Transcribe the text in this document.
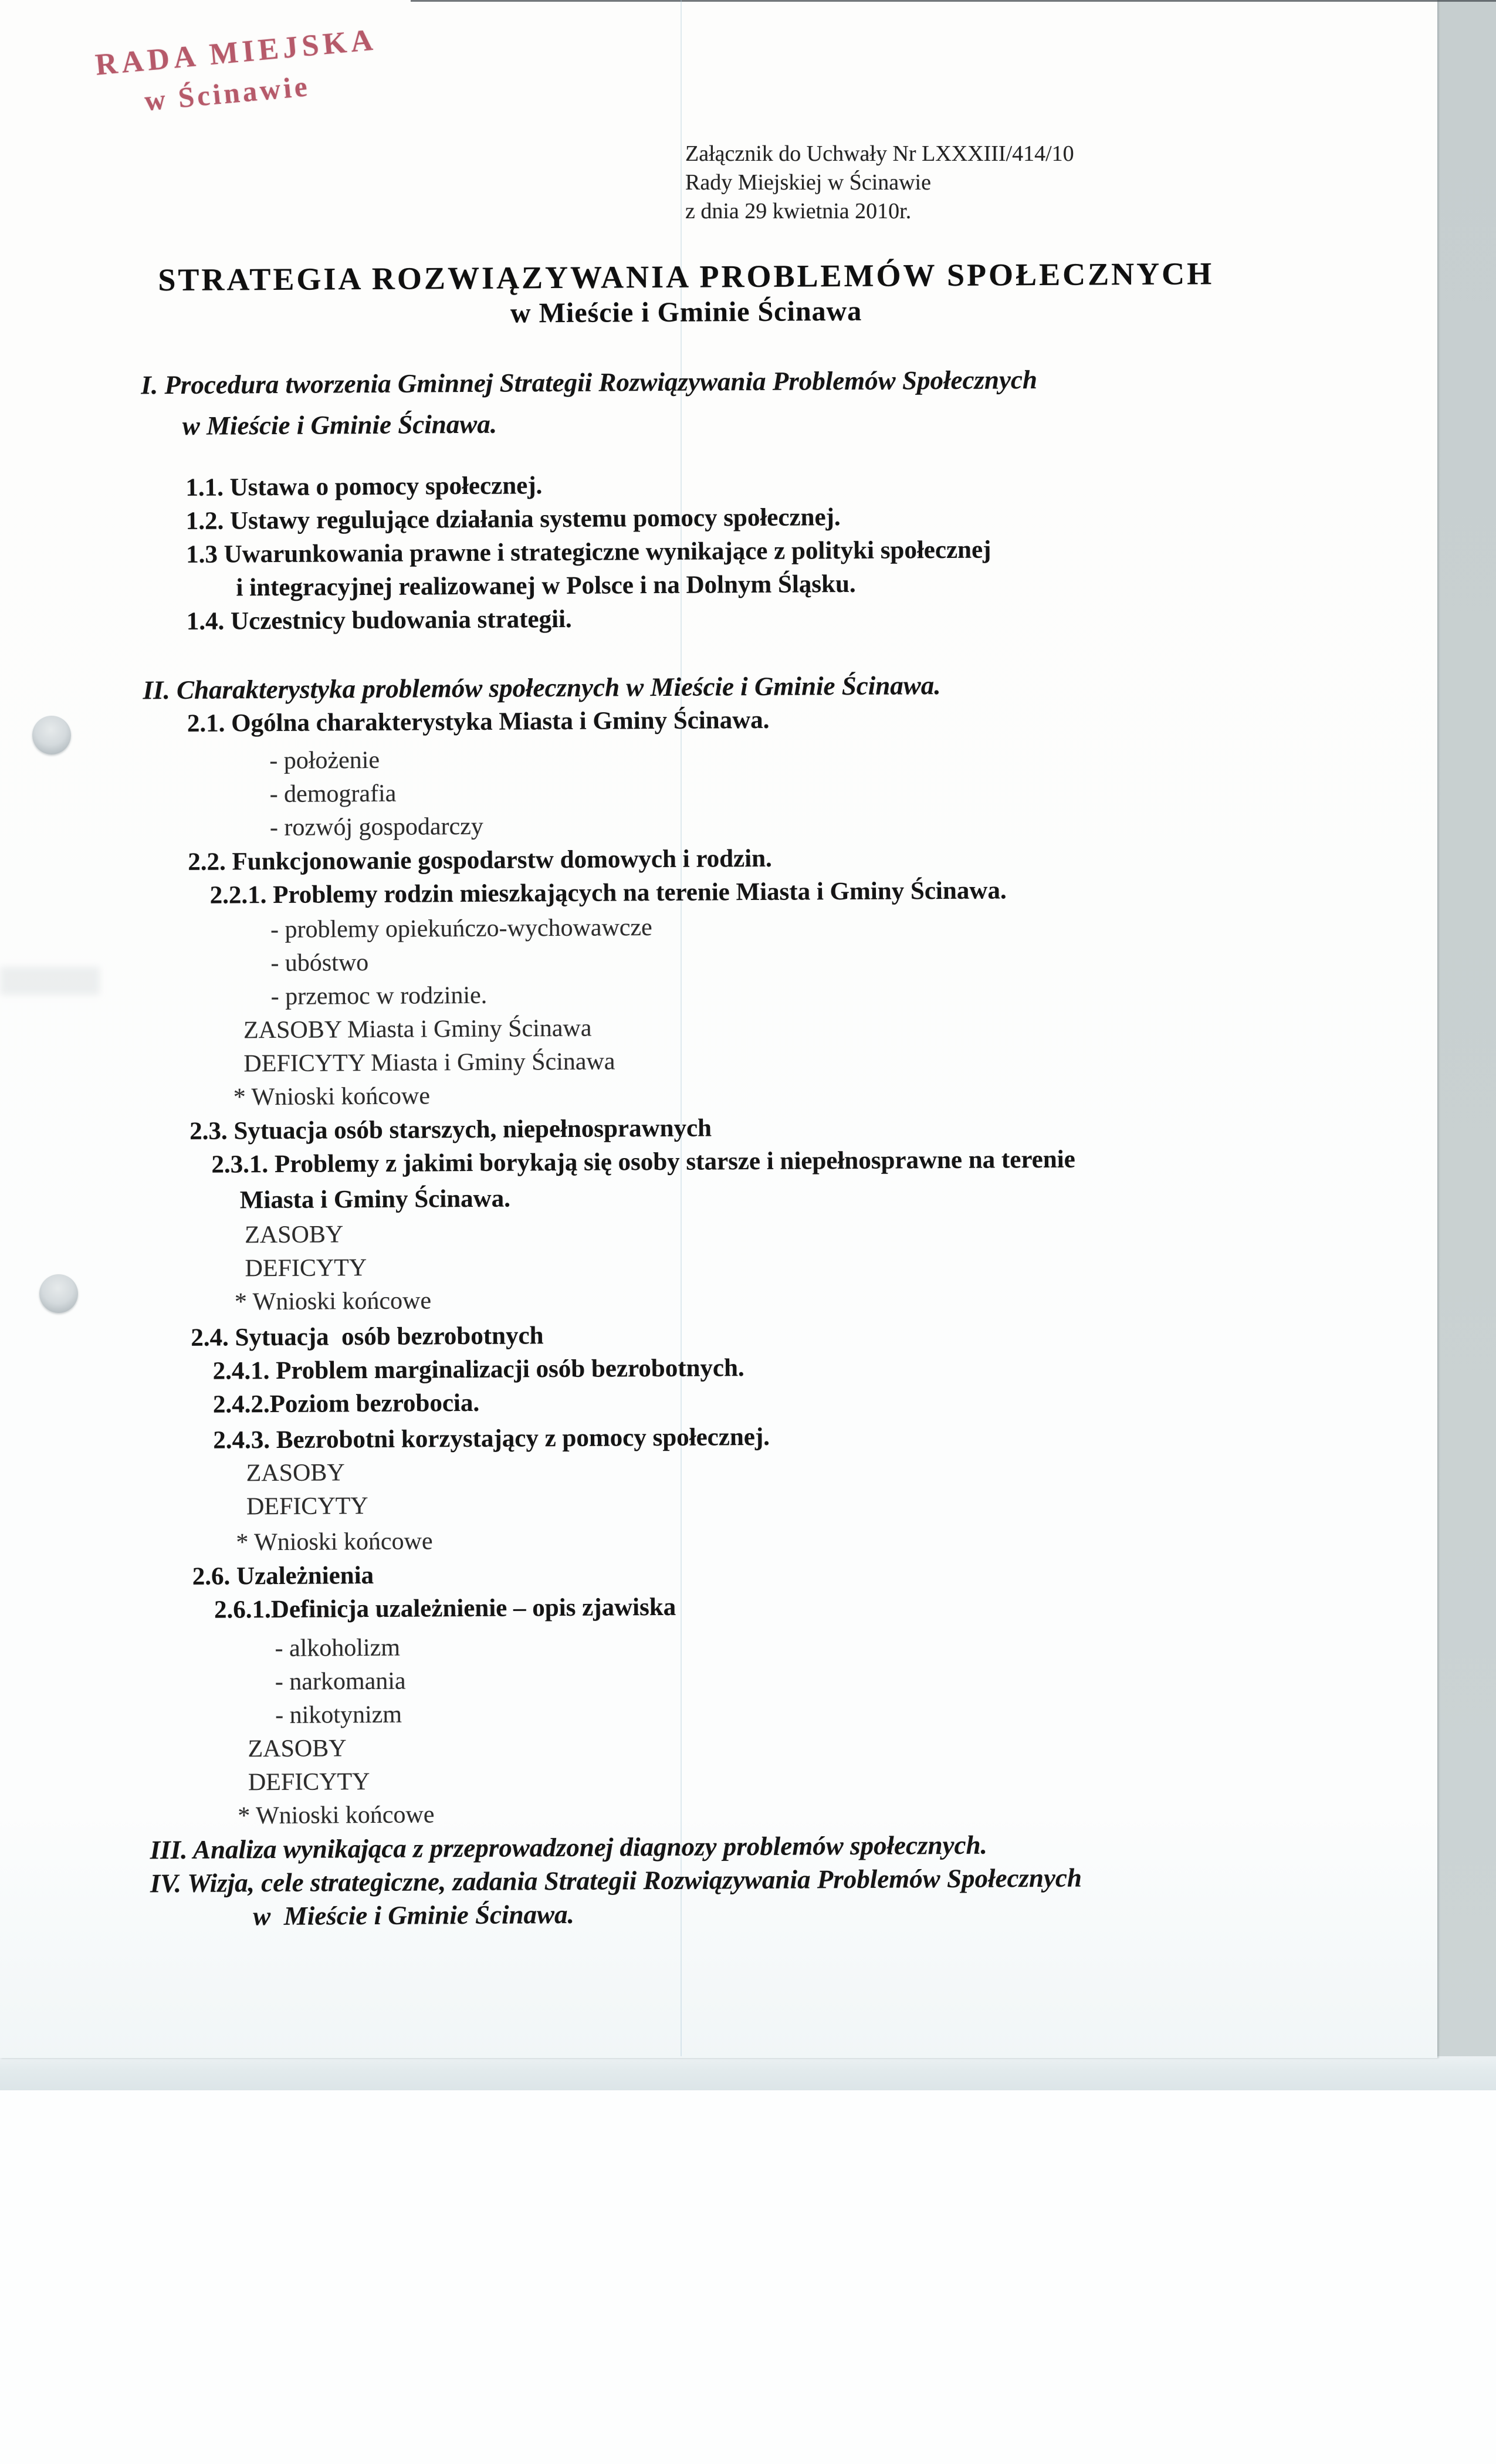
RADA MIEJSKA
w Ścinawie
Załącznik do Uchwały Nr LXXXIII/414/10
Rady Miejskiej w Ścinawie
z dnia 29 kwietnia 2010r.
STRATEGIA ROZWIĄZYWANIA PROBLEMÓW SPOŁECZNYCH
w Mieście i Gminie Ścinawa
I. Procedura tworzenia Gminnej Strategii Rozwiązywania Problemów Społecznych
w Mieście i Gminie Ścinawa.
1.1. Ustawa o pomocy społecznej.
1.2. Ustawy regulujące działania systemu pomocy społecznej.
1.3 Uwarunkowania prawne i strategiczne wynikające z polityki społecznej
i integracyjnej realizowanej w Polsce i na Dolnym Śląsku.
1.4. Uczestnicy budowania strategii.
II. Charakterystyka problemów społecznych w Mieście i Gminie Ścinawa.
2.1. Ogólna charakterystyka Miasta i Gminy Ścinawa.
- położenie
- demografia
- rozwój gospodarczy
2.2. Funkcjonowanie gospodarstw domowych i rodzin.
2.2.1. Problemy rodzin mieszkających na terenie Miasta i Gminy Ścinawa.
- problemy opiekuńczo-wychowawcze
- ubóstwo
- przemoc w rodzinie.
ZASOBY Miasta i Gminy Ścinawa
DEFICYTY Miasta i Gminy Ścinawa
* Wnioski końcowe
2.3. Sytuacja osób starszych, niepełnosprawnych
2.3.1. Problemy z jakimi borykają się osoby starsze i niepełnosprawne na terenie
Miasta i Gminy Ścinawa.
ZASOBY
DEFICYTY
* Wnioski końcowe
2.4. Sytuacja  osób bezrobotnych
2.4.1. Problem marginalizacji osób bezrobotnych.
2.4.2.Poziom bezrobocia.
2.4.3. Bezrobotni korzystający z pomocy społecznej.
ZASOBY
DEFICYTY
* Wnioski końcowe
2.6. Uzależnienia
2.6.1.Definicja uzależnienie – opis zjawiska
- alkoholizm
- narkomania
- nikotynizm
ZASOBY
DEFICYTY
* Wnioski końcowe
III. Analiza wynikająca z przeprowadzonej diagnozy problemów społecznych.
IV. Wizja, cele strategiczne, zadania Strategii Rozwiązywania Problemów Społecznych
w  Mieście i Gminie Ścinawa.
